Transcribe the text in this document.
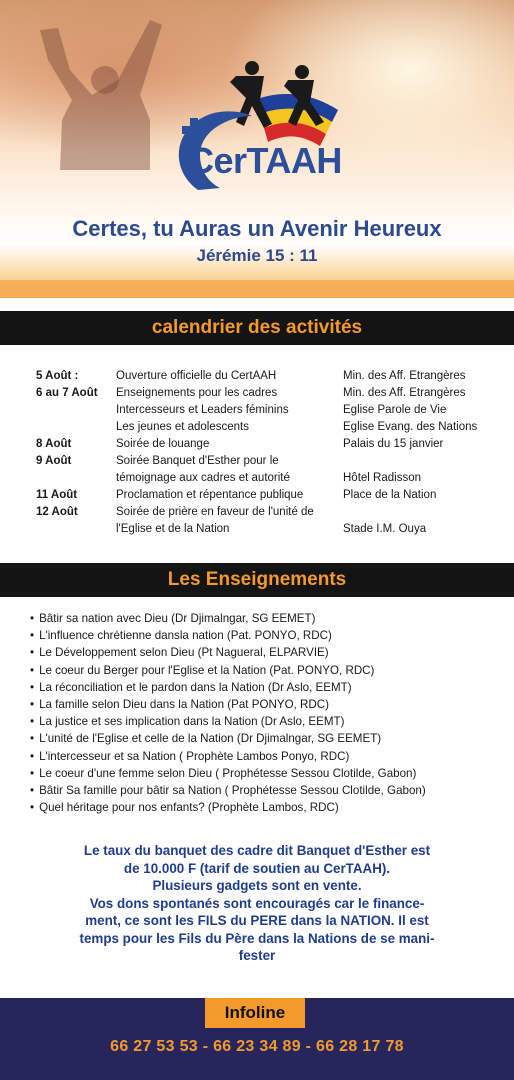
CerTAAH
Certes, tu Auras un Avenir Heureux
Jérémie 15 : 11
calendrier des activités
5 Août :	Ouverture officielle du CertAAH	Min. des Aff. Etrangères
6 au 7 Août Enseignements pour les cadres	Min. des Aff. Etrangères
Intercesseurs et Leaders féminins	Eglise Parole de Vie
Les jeunes et adolescents	Eglise Evang. des Nations
8 Août	Soirée de louange	Palais du 15 janvier
9 Août	Soirée Banquet d'Esther pour le
témoignage aux cadres et autorité	Hôtel Radisson
11 Août	Proclamation et répentance publique	Place de la Nation
12 Août	Soirée de prière en faveur de l'unité de
l'Eglise et de la Nation	Stade I.M. Ouya
Les Enseignements
• Bâtir sa nation avec Dieu (Dr Djimalngar, SG EEMET)
• L'influence chrétienne dansla nation (Pat. PONYO, RDC)
• Le Développement selon Dieu (Pt Nagueral, ELPARVIE)
• Le coeur du Berger pour l'Eglise et la Nation (Pat. PONYO, RDC)
• La réconciliation et le pardon dans la Nation (Dr Aslo, EEMT)
• La famille selon Dieu dans la Nation (Pat PONYO, RDC)
• La justice et ses implication dans la Nation (Dr Aslo, EEMT)
• L'unité de l'Eglise et celle de la Nation (Dr Djimalngar, SG EEMET)
• L'intercesseur et sa Nation ( Prophète Lambos Ponyo, RDC)
• Le coeur d'une femme selon Dieu ( Prophétesse Sessou Clotilde, Gabon)
• Bâtir Sa famille pour bâtir sa Nation ( Prophétesse Sessou Clotilde, Gabon)
• Quel héritage pour nos enfants? (Prophète Lambos, RDC)
Le taux du banquet des cadre dit Banquet d'Esther est
de 10.000 F (tarif de soutien au CerTAAH).
Plusieurs gadgets sont en vente.
Vos dons spontanés sont encouragés car le finance-
ment, ce sont les FILS du PERE dans la NATION. Il est
temps pour les Fils du Père dans la Nations de se mani-
fester
Infoline
66 27 53 53 - 66 23 34 89 - 66 28 17 78
